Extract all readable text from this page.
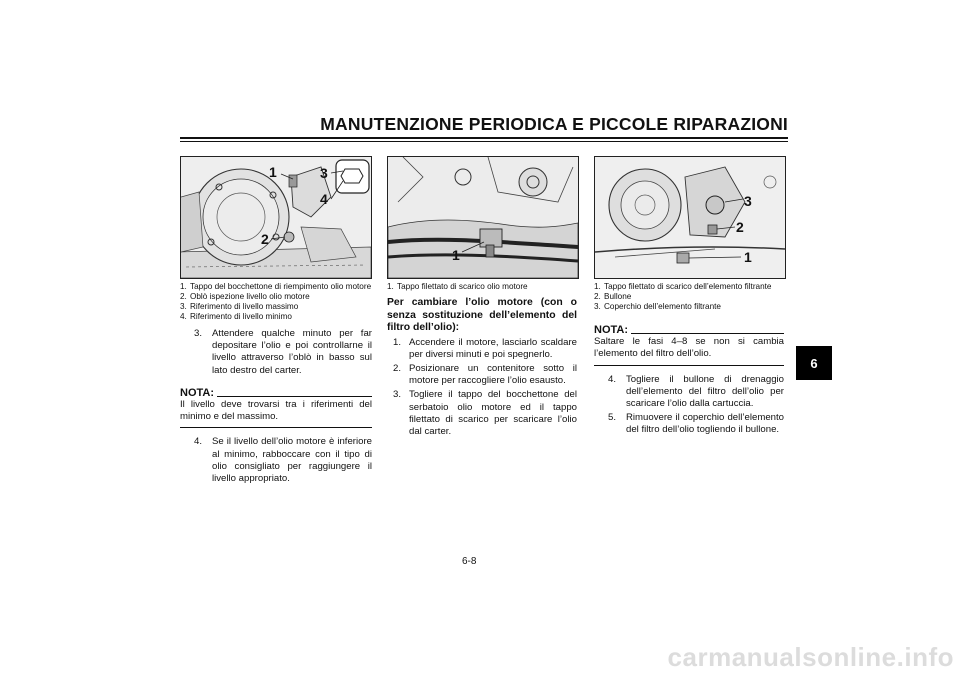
MANUTENZIONE PERIODICA E PICCOLE RIPARAZIONI
6
1
2
3
4
1
3
2
1
1. Tappo del bocchettone di riempimento olio motore
2. Oblò ispezione livello olio motore
3. Riferimento di livello massimo
4. Riferimento di livello minimo
3. Attendere qualche minuto per far depositare l’olio e poi controllarne il livello attraverso l’oblò in basso sul lato destro del carter.
NOTA:
Il livello deve trovarsi tra i riferimenti del minimo e del massimo.
4. Se il livello dell’olio motore è inferiore al minimo, rabboccare con il tipo di olio consigliato per raggiungere il livello appropriato.
1. Tappo filettato di scarico olio motore
Per cambiare l’olio motore (con o senza sostituzione dell’elemento del filtro dell’olio):
1. Accendere il motore, lasciarlo scaldare per diversi minuti e poi spegnerlo.
2. Posizionare un contenitore sotto il motore per raccogliere l’olio esausto.
3. Togliere il tappo del bocchettone del serbatoio olio motore ed il tappo filettato di scarico per scaricare l’olio dal carter.
1. Tappo filettato di scarico dell’elemento filtrante
2. Bullone
3. Coperchio dell’elemento filtrante
NOTA:
Saltare le fasi 4–8 se non si cambia l’elemento del filtro dell’olio.
4. Togliere il bullone di drenaggio dell’elemento del filtro dell’olio per scaricare l’olio dalla cartuccia.
5. Rimuovere il coperchio dell’elemento del filtro dell’olio togliendo il bullone.
6-8
carmanualsonline.info
